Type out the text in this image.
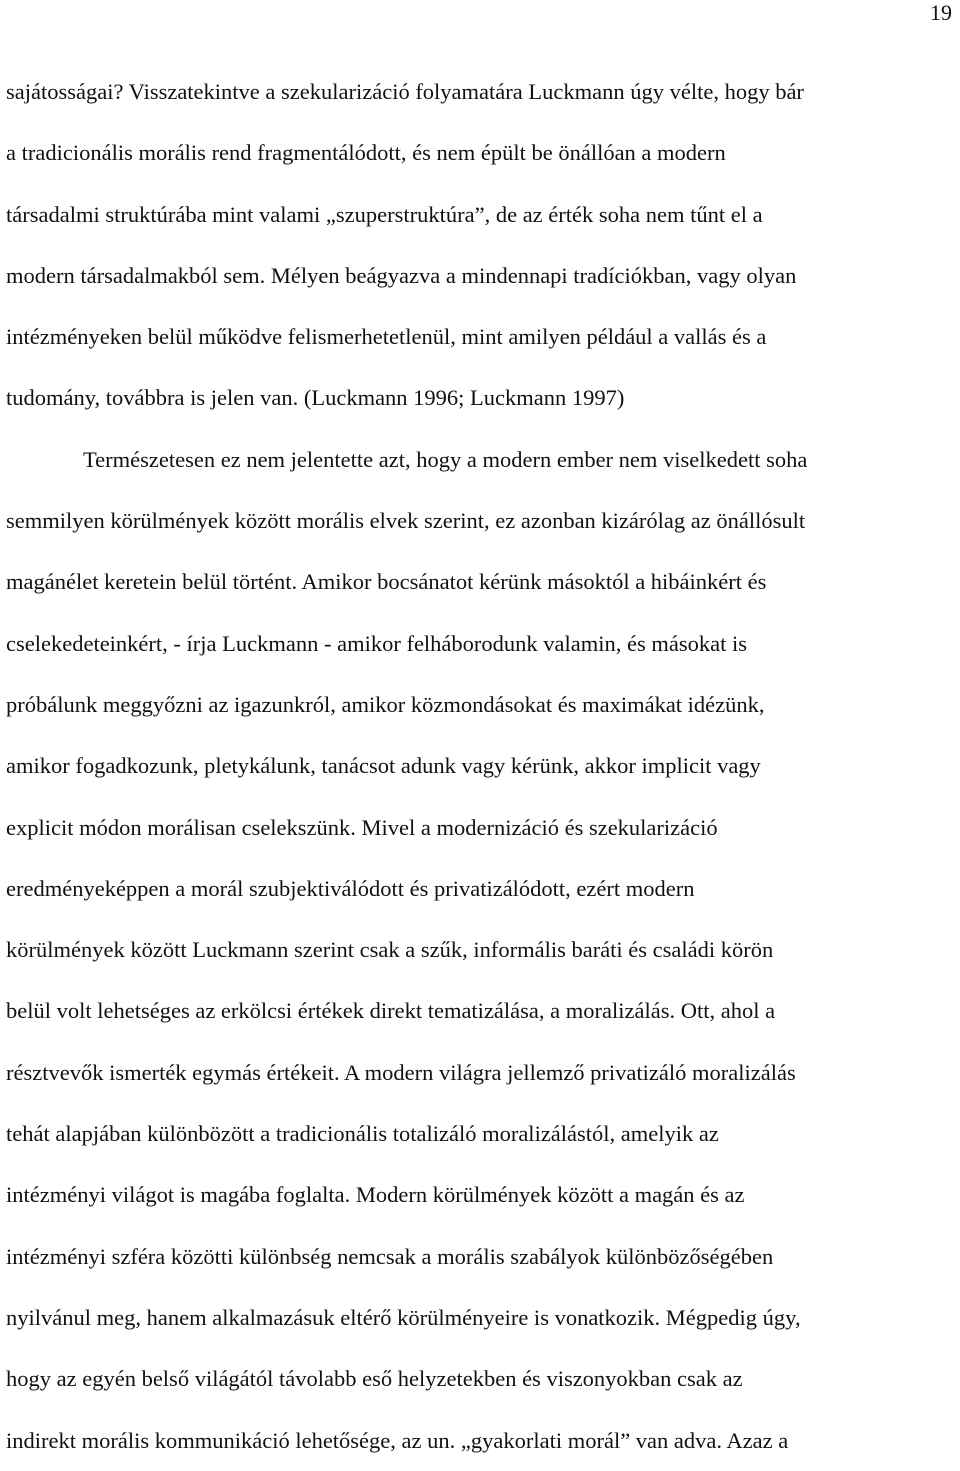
19
sajátosságai? Visszatekintve a szekularizáció folyamatára Luckmann úgy vélte, hogy bár
a tradicionális morális rend fragmentálódott, és nem épült be önállóan a modern
társadalmi struktúrába mint valami „szuperstruktúra”, de az érték soha nem tűnt el a
modern társadalmakból sem. Mélyen beágyazva a mindennapi tradíciókban, vagy olyan
intézményeken belül működve felismerhetetlenül, mint amilyen például a vallás és a
tudomány, továbbra is jelen van. (Luckmann 1996; Luckmann 1997)
Természetesen ez nem jelentette azt, hogy a modern ember nem viselkedett soha
semmilyen körülmények között morális elvek szerint, ez azonban kizárólag az önállósult
magánélet keretein belül történt. Amikor bocsánatot kérünk másoktól a hibáinkért és
cselekedeteinkért, - írja Luckmann - amikor felháborodunk valamin, és másokat is
próbálunk meggyőzni az igazunkról, amikor közmondásokat és maximákat idézünk,
amikor fogadkozunk, pletykálunk, tanácsot adunk vagy kérünk, akkor implicit vagy
explicit módon morálisan cselekszünk. Mivel a modernizáció és szekularizáció
eredményeképpen a morál szubjektiválódott és privatizálódott, ezért modern
körülmények között Luckmann szerint csak a szűk, informális baráti és családi körön
belül volt lehetséges az erkölcsi értékek direkt tematizálása, a moralizálás. Ott, ahol a
résztvevők ismerték egymás értékeit. A modern világra jellemző privatizáló moralizálás
tehát alapjában különbözött a tradicionális totalizáló moralizálástól, amelyik az
intézményi világot is magába foglalta. Modern körülmények között a magán és az
intézményi szféra közötti különbség nemcsak a morális szabályok különbözőségében
nyilvánul meg, hanem alkalmazásuk eltérő körülményeire is vonatkozik. Mégpedig úgy,
hogy az egyén belső világától távolabb eső helyzetekben és viszonyokban csak az
indirekt morális kommunikáció lehetősége, az un. „gyakorlati morál” van adva. Azaz a
